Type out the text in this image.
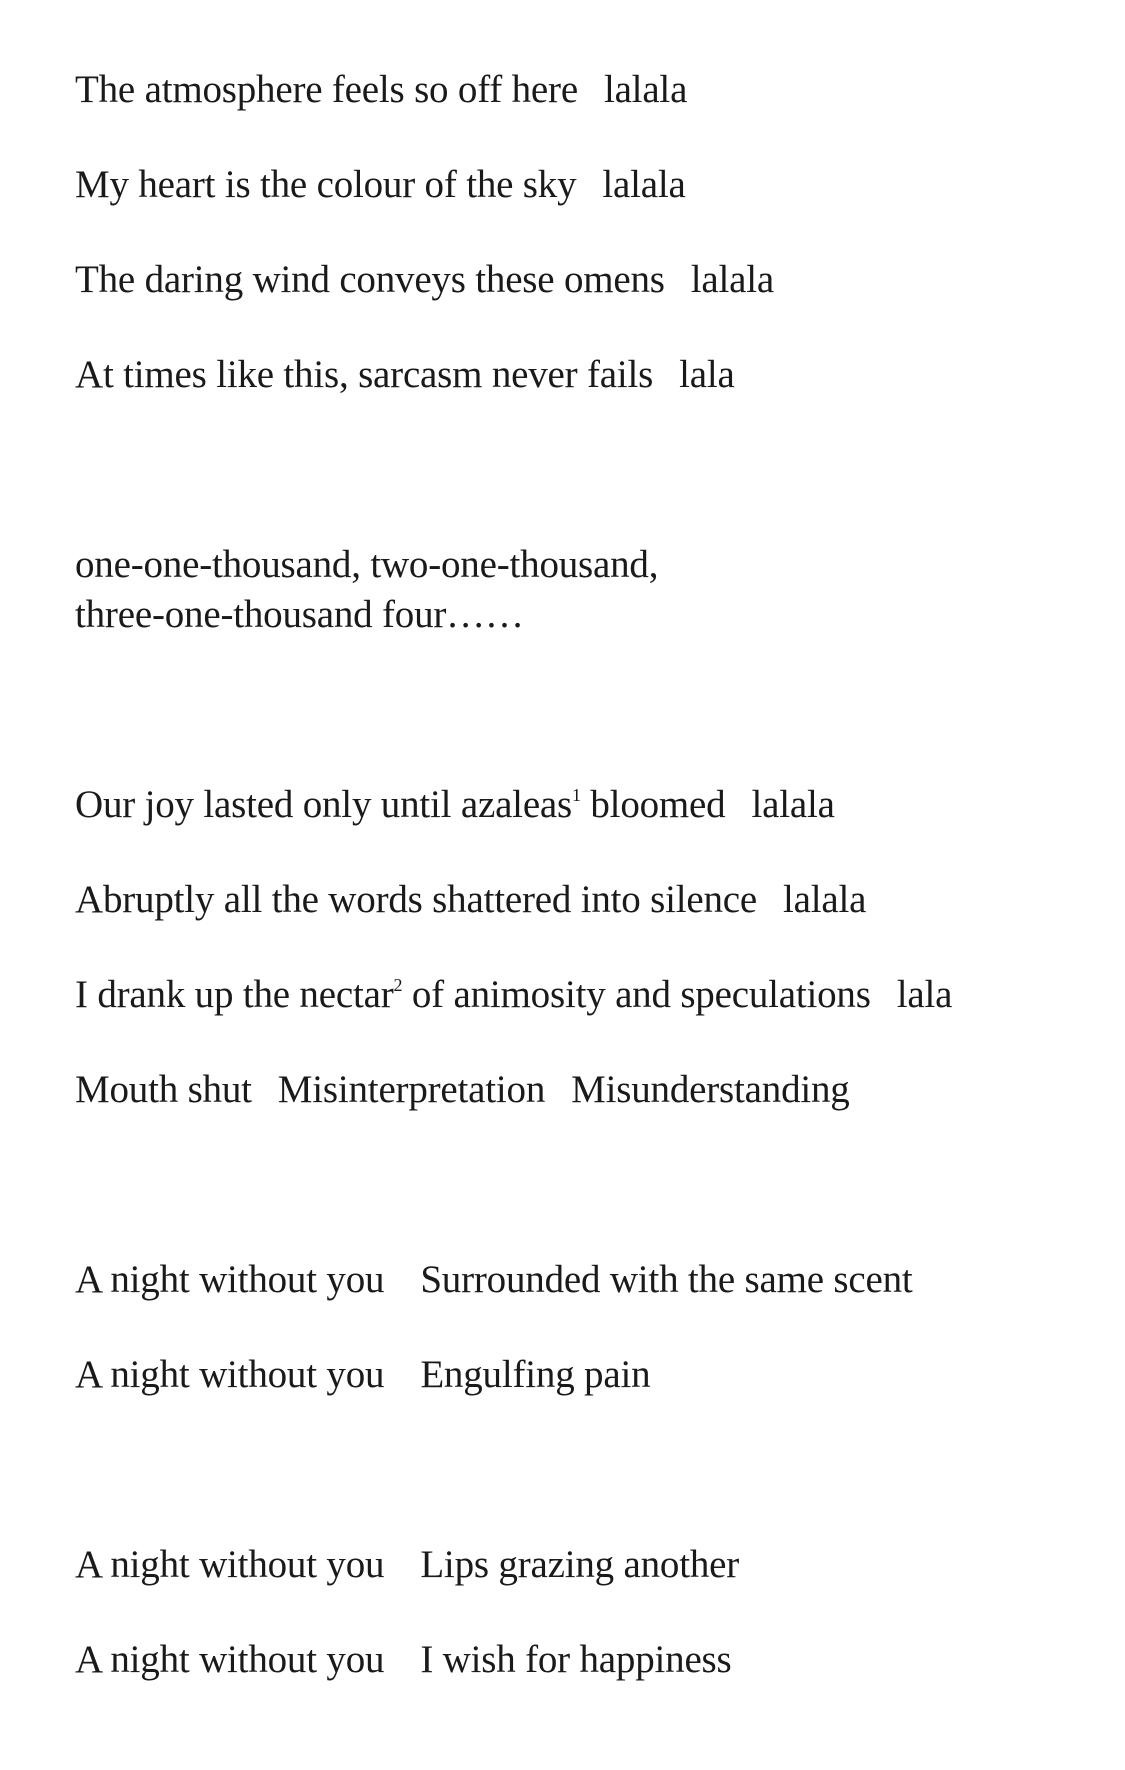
The atmosphere feels so off here lalala
My heart is the colour of the sky lalala
The daring wind conveys these omens lalala
At times like this, sarcasm never fails lala
one-one-thousand, two-one-thousand,
three-one-thousand four……
Our joy lasted only until azaleas$^1$ bloomed lalala
Abruptly all the words shattered into silence lalala
I drank up the nectar$^2$ of animosity and speculations lala
Mouth shut Misinterpretation Misunderstanding
A night without you Surrounded with the same scent
A night without you Engulfing pain
A night without you Lips grazing another
A night without you I wish for happiness
